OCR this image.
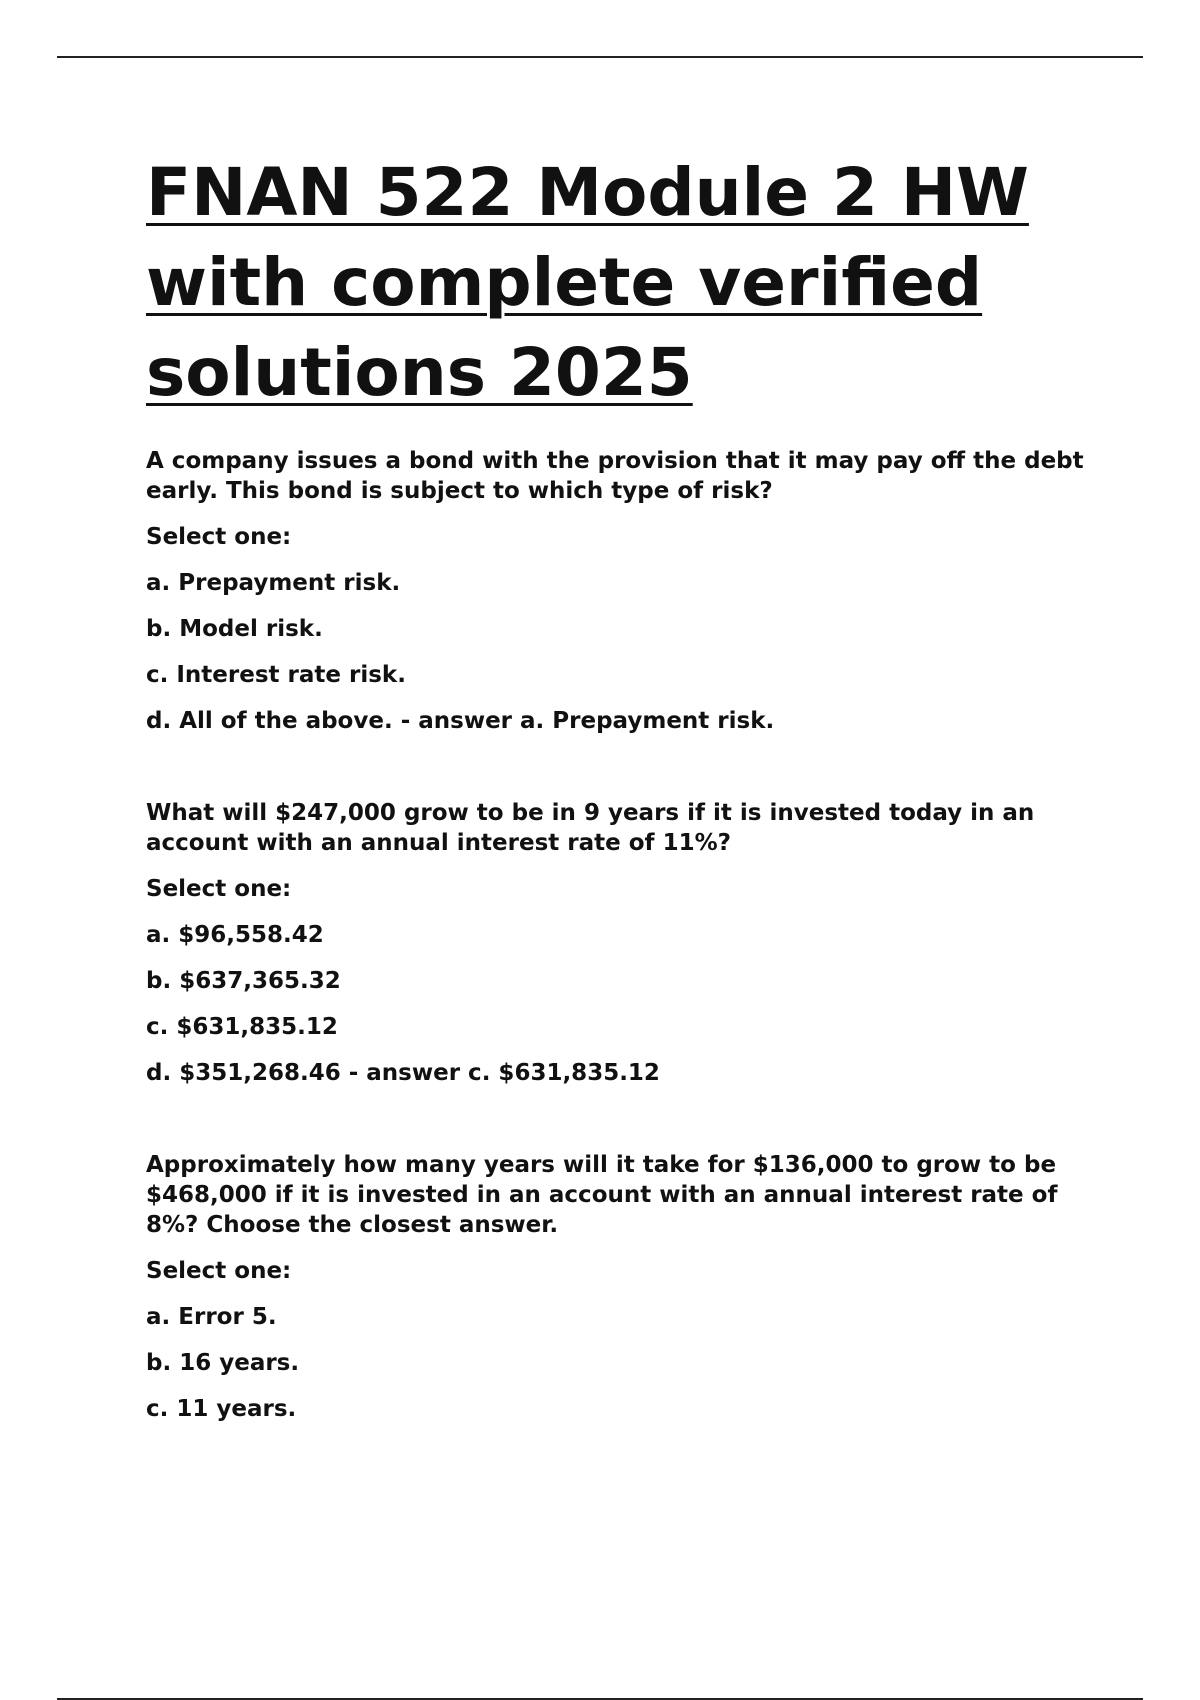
FNAN 522 Module 2 HW with complete verified solutions 2025

A company issues a bond with the provision that it may pay off the debt early. This bond is subject to which type of risk?

Select one:

a. Prepayment risk.

b. Model risk.

c. Interest rate risk.

d. All of the above. - answer a. Prepayment risk.

What will $247,000 grow to be in 9 years if it is invested today in an account with an annual interest rate of 11%?

Select one:

a. $96,558.42

b. $637,365.32

c. $631,835.12

d. $351,268.46 - answer c. $631,835.12

Approximately how many years will it take for $136,000 to grow to be $468,000 if it is invested in an account with an annual interest rate of 8%? Choose the closest answer.

Select one:

a. Error 5.

b. 16 years.

c. 11 years.
